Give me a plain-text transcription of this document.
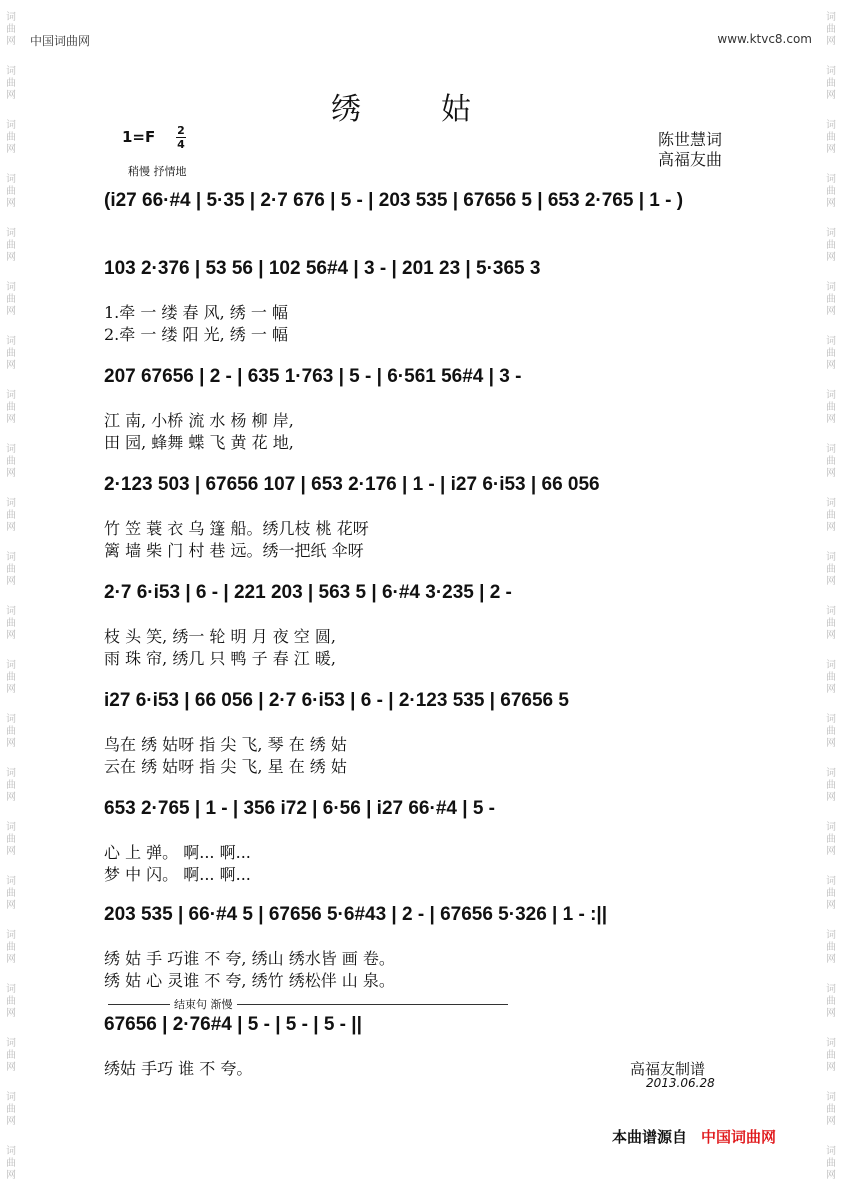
词
曲
网
词
曲
网
词
曲
网
词
曲
网
词
曲
网
词
曲
网
词
曲
网
词
曲
网
词
曲
网
词
曲
网
词
曲
网
词
曲
网
词
曲
网
词
曲
网
词
曲
网
词
曲
网
词
曲
网
词
曲
网
词
曲
网
词
曲
网
词
曲
网
词
曲
网
词
曲
网
词
曲
网
词
曲
网
词
曲
网
词
曲
网
词
曲
网
词
曲
网
词
曲
网
词
曲
网
词
曲
网
词
曲
网
词
曲
网
词
曲
网
词
曲
网
词
曲
网
词
曲
网
词
曲
网
词
曲
网
词
曲
网
词
曲
网
词
曲
网
词
曲
网
中国词曲网	www.ktvc8.com
绣姑
1=F 2
4	陈世慧词
高福友曲
稍慢 抒情地
(i27 66·#4 | 5·35 | 2·7 676 | 5 - | 203 535 | 67656 5 | 653 2·765 | 1 - )
103 2·376 | 53 56 | 102 56#4 | 3 - | 201 23 | 5·365 3
1.牵 一 缕 春 风, 绣 一 幅
2.牵 一 缕 阳 光, 绣 一 幅
207 67656 | 2 - | 635 1·763 | 5 - | 6·561 56#4 | 3 -
江 南, 小桥 流 水 杨 柳 岸,
田 园, 蜂舞 蝶 飞 黄 花 地,
2·123 503 | 67656 107 | 653 2·176 | 1 - | i27 6·i53 | 66 056
竹 笠 蓑 衣 乌 篷 船。绣几枝 桃 花呀
篱 墙 柴 门 村 巷 远。绣一把纸 伞呀
2·7 6·i53 | 6 - | 221 203 | 563 5 | 6·#4 3·235 | 2 -
枝 头 笑, 绣一 轮 明 月 夜 空 圆,
雨 珠 帘, 绣几 只 鸭 子 春 江 暖,
i27 6·i53 | 66 056 | 2·7 6·i53 | 6 - | 2·123 535 | 67656 5
鸟在 绣 姑呀 指 尖 飞, 琴 在 绣 姑
云在 绣 姑呀 指 尖 飞, 星 在 绣 姑
653 2·765 | 1 - | 356 i72 | 6·56 | i27 66·#4 | 5 -
心 上 弹。 啊... 啊...
梦 中 闪。 啊... 啊...
203 535 | 66·#4 5 | 67656 5·6#43 | 2 - | 67656 5·326 | 1 - :||
绣 姑 手 巧谁 不 夸, 绣山 绣水皆 画 卷。
绣 姑 心 灵谁 不 夸, 绣竹 绣松伴 山 泉。
67656 | 2·76#4 | 5 - | 5 - | 5 - ||
绣姑 手巧 谁 不 夸。
结束句 渐慢
高福友制谱
2013.06.28
本曲谱源自 中国词曲网
